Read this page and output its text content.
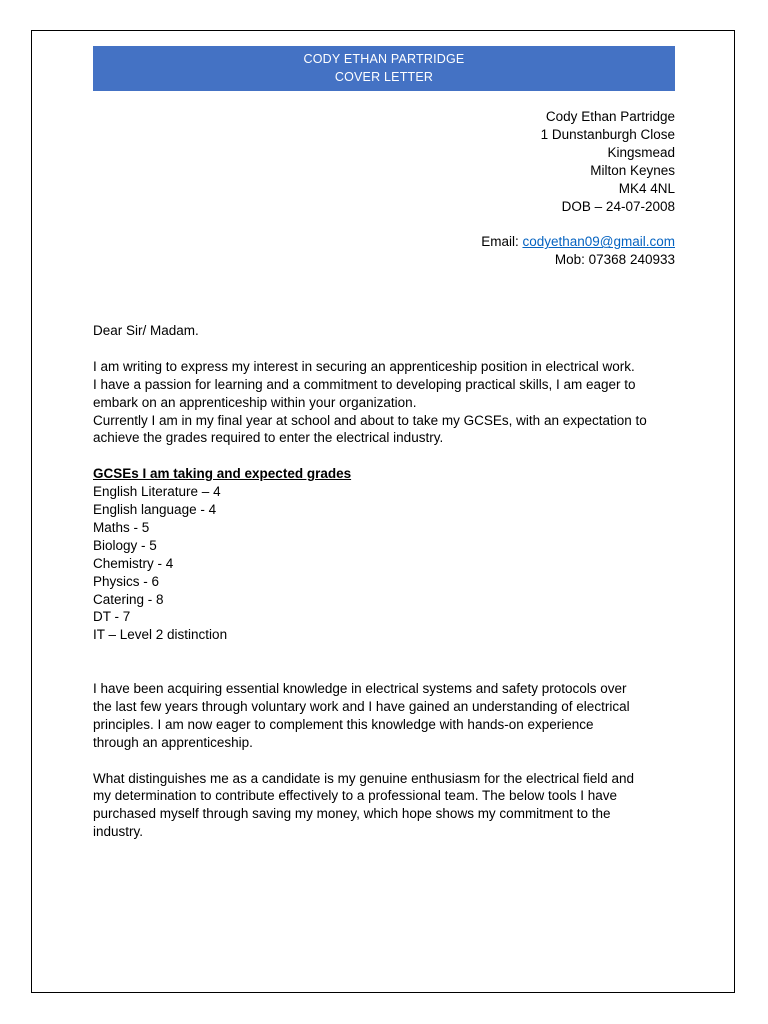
CODY ETHAN PARTRIDGE
COVER LETTER
Cody Ethan Partridge
1 Dunstanburgh Close
Kingsmead
Milton Keynes
MK4 4NL
DOB – 24-07-2008
Email: codyethan09@gmail.com
Mob: 07368 240933

Dear Sir/ Madam.

I am writing to express my interest in securing an apprenticeship position in electrical work.

I have a passion for learning and a commitment to developing practical skills, I am eager to

embark on an apprenticeship within your organization.

Currently I am in my final year at school and about to take my GCSEs, with an expectation to

achieve the grades required to enter the electrical industry.

GCSEs I am taking and expected grades

English Literature – 4
English language - 4
Maths - 5
Biology - 5
Chemistry - 4
Physics - 6
Catering - 8
DT - 7
IT – Level 2 distinction

I have been acquiring essential knowledge in electrical systems and safety protocols over

the last few years through voluntary work and I have gained an understanding of electrical

principles. I am now eager to complement this knowledge with hands-on experience

through an apprenticeship.

What distinguishes me as a candidate is my genuine enthusiasm for the electrical field and

my determination to contribute effectively to a professional team. The below tools I have

purchased myself through saving my money, which hope shows my commitment to the

industry.
